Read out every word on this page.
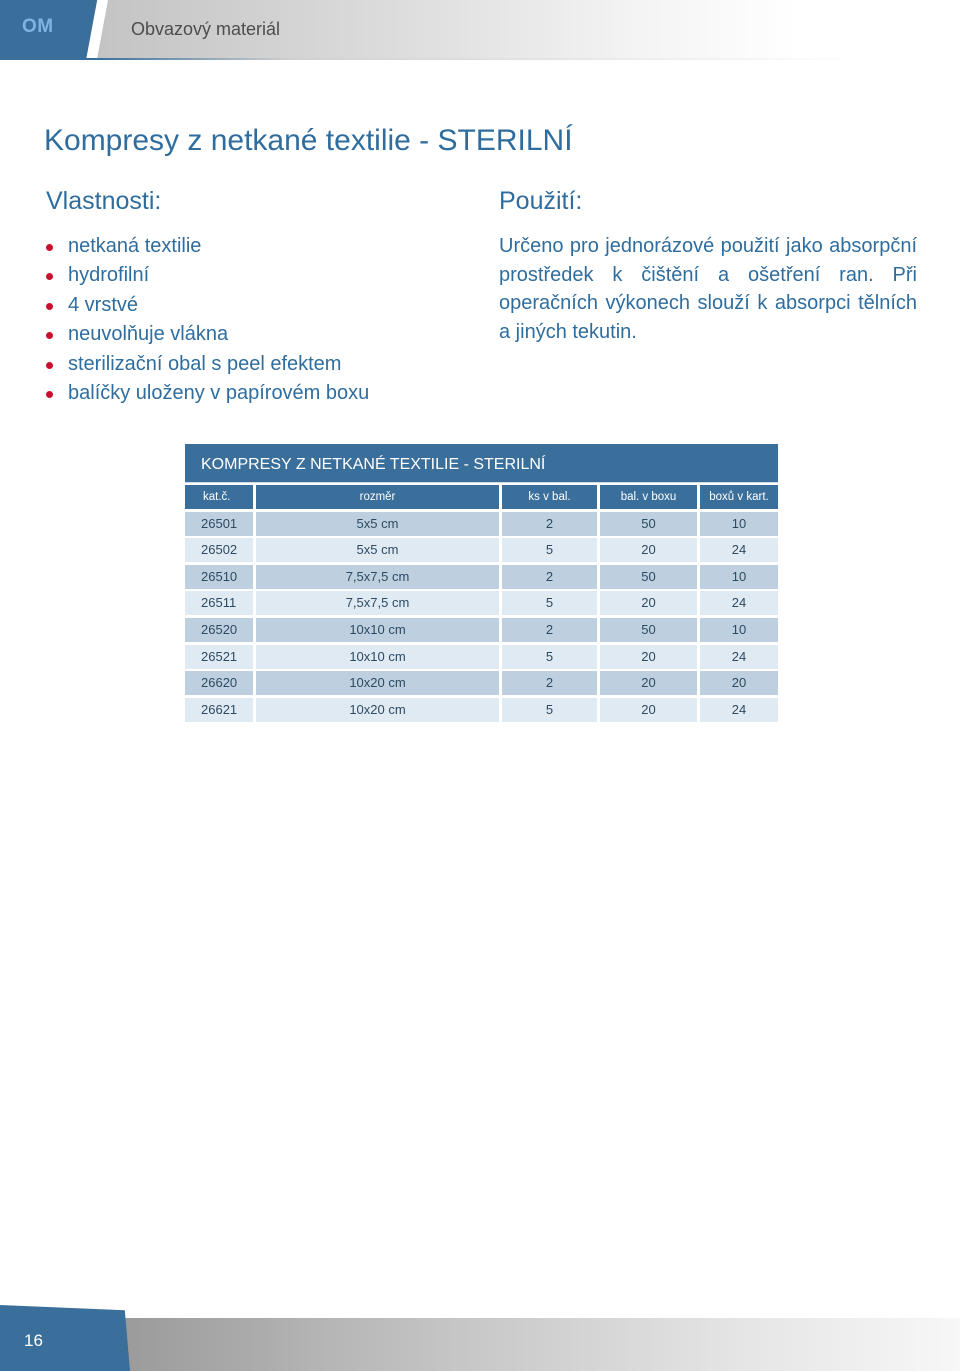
OM	Obvazový materiál
Kompresy z netkané textilie - STERILNÍ
Vlastnosti:
netkaná textilie
hydrofilní
4 vrstvé
neuvolňuje vlákna
sterilizační obal s peel efektem
balíčky uloženy v papírovém boxu
Použití:

Určeno pro jednorázové použití jako absorpční prostředek k čištění a ošetření ran. Při operačních výkonech slouží k absorpci tělních a jiných tekutin.

KOMPRESY Z NETKANÉ TEXTILIE - STERILNÍ
kat.č.	rozměr	ks v bal.	bal. v boxu	boxů v kart.
26501	5x5 cm	2	50	10
26502	5x5 cm	5	20	24
26510	7,5x7,5 cm	2	50	10
26511	7,5x7,5 cm	5	20	24
26520	10x10 cm	2	50	10
26521	10x10 cm	5	20	24
26620	10x20 cm	2	20	20
26621	10x20 cm	5	20	24
16
